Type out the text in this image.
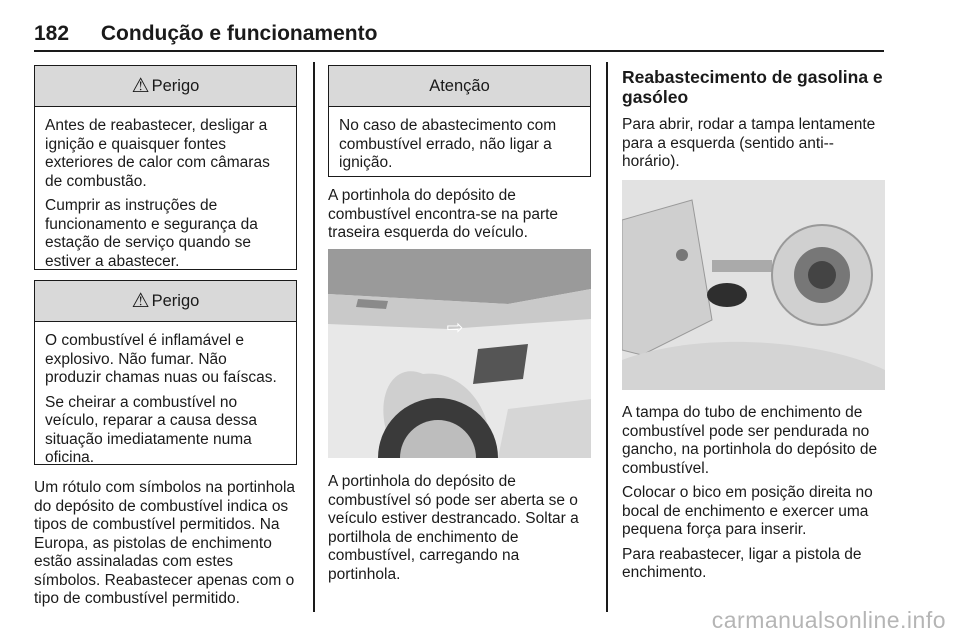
182 Condução e funcionamento
⚠ Perigo

Antes de reabastecer, desligar a ignição e quaisquer fontes exteriores de calor com câmaras de combustão.

Cumprir as instruções de funcionamento e segurança da estação de serviço quando se estiver a abastecer.

⚠ Perigo

O combustível é inflamável e explosivo. Não fumar. Não produzir chamas nuas ou faíscas.

Se cheirar a combustível no veículo, reparar a causa dessa situação imediatamente numa oficina.

Um rótulo com símbolos na portinhola do depósito de combustível indica os tipos de combustível permitidos. Na Europa, as pistolas de enchimento estão assinaladas com estes símbolos. Reabastecer apenas com o tipo de combustível permitido.

Atenção

No caso de abastecimento com combustível errado, não ligar a ignição.

A portinhola do depósito de combustível encontra-se na parte traseira esquerda do veículo.

⇨

A portinhola do depósito de combustível só pode ser aberta se o veículo estiver destrancado. Soltar a portilhola de enchimento de combustível, carregando na portinhola.

Reabastecimento de gasolina e gasóleo

Para abrir, rodar a tampa lentamente para a esquerda (sentido anti--horário).

A tampa do tubo de enchimento de combustível pode ser pendurada no gancho, na portinhola do depósito de combustível.

Colocar o bico em posição direita no bocal de enchimento e exercer uma pequena força para inserir.

Para reabastecer, ligar a pistola de enchimento.

carmanualsonline.info
